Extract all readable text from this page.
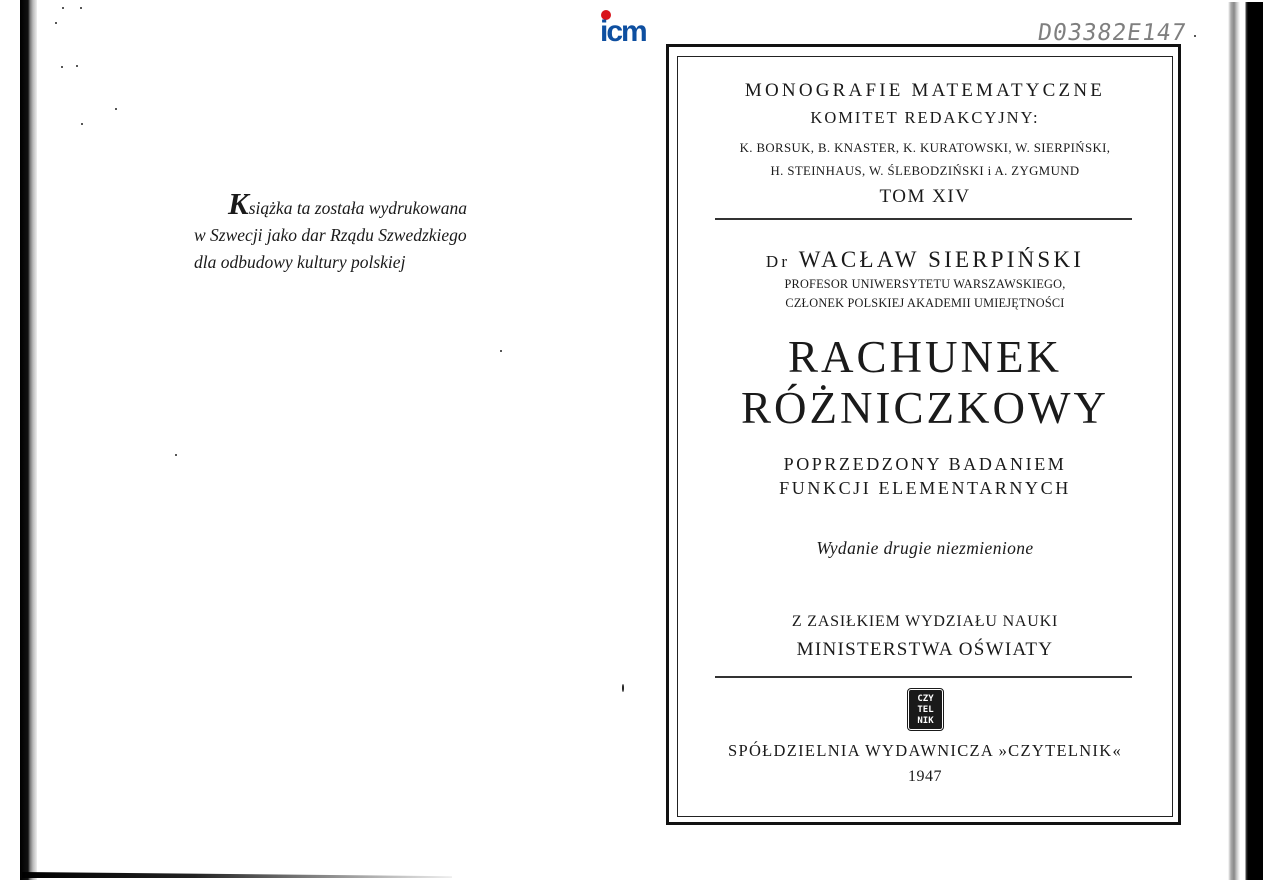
icm	D03382E147
Książka ta została wydrukowana
w Szwecji jako dar Rządu Szwedzkiego
dla odbudowy kultury polskiej
MONOGRAFIE MATEMATYCZNE
KOMITET REDAKCYJNY:
K. BORSUK, B. KNASTER, K. KURATOWSKI, W. SIERPIŃSKI,
H. STEINHAUS, W. ŚLEBODZIŃSKI i A. ZYGMUND
TOM XIV
Dr WACŁAW SIERPIŃSKI
PROFESOR UNIWERSYTETU WARSZAWSKIEGO,
CZŁONEK POLSKIEJ AKADEMII UMIEJĘTNOŚCI
RACHUNEK
RÓŻNICZKOWY
POPRZEDZONY BADANIEM
FUNKCJI ELEMENTARNYCH
Wydanie drugie niezmienione
Z ZASIŁKIEM WYDZIAŁU NAUKI
MINISTERSTWA OŚWIATY
CZY
TEL
NIK
SPÓŁDZIELNIA WYDAWNICZA »CZYTELNIK«
1947
